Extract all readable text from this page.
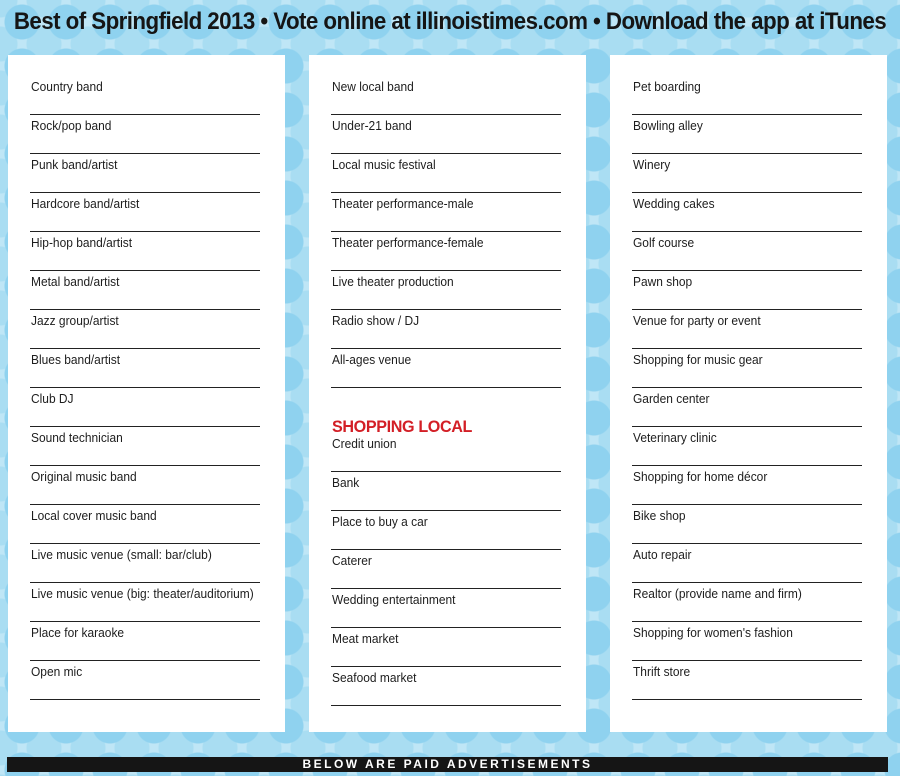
Best of Springfield 2013 • Vote online at illinoistimes.com • Download the app at iTunes
Country band
Rock/pop band
Punk band/artist
Hardcore band/artist
Hip-hop band/artist
Metal band/artist
Jazz group/artist
Blues band/artist
Club DJ
Sound technician
Original music band
Local cover music band
Live music venue (small: bar/club)
Live music venue (big: theater/auditorium)
Place for karaoke
Open mic
New local band
Under-21 band
Local music festival
Theater performance-male
Theater performance-female
Live theater production
Radio show / DJ
All-ages venue
SHOPPING LOCAL
Credit union
Bank
Place to buy a car
Caterer
Wedding entertainment
Meat market
Seafood market
Pet boarding
Bowling alley
Winery
Wedding cakes
Golf course
Pawn shop
Venue for party or event
Shopping for music gear
Garden center
Veterinary clinic
Shopping for home décor
Bike shop
Auto repair
Realtor (provide name and firm)
Shopping for women's fashion
Thrift store
BELOW ARE PAID ADVERTISEMENTS
